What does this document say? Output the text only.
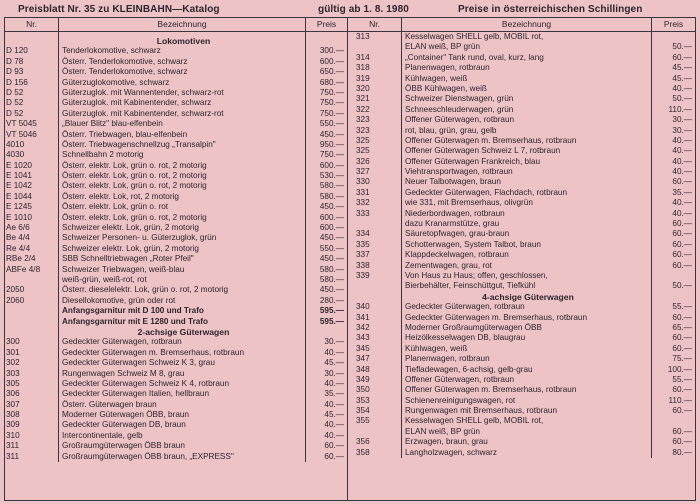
Preisblatt Nr. 35 zu KLEINBAHN—Katalog	gültig ab 1. 8. 1980	Preise in österreichischen Schillingen
Nr.	Bezeichnung	Preis
Lokomotiven
D 120	Tenderlokomotive, schwarz	300.—
D 78	Österr. Tenderlokomotive, schwarz	600.—
D 93	Österr. Tenderlokomotive, schwarz	650.—
D 156	Güterzuglokomotive, schwarz	680.—
D 52	Güterzuglok. mit Wannentender, schwarz-rot	750.—
D 52	Güterzuglok. mit Kabinentender, schwarz	750.—
D 52	Güterzuglok. mit Kabinentender, schwarz-rot	750.—
VT 5045	„Blauer Blitz" blau-elfenbein	550.—
VT 5046	Österr. Triebwagen, blau-elfenbein	450.—
4010	Österr. Triebwagenschnellzug „Transalpin"	950.—
4030	Schnellbahn 2 motorig	750.—
E 1020	Österr. elektr. Lok, grün o. rot, 2 motorig	600.—
E 1041	Österr. elektr. Lok, grün o. rot, 2 motorig	530.—
E 1042	Österr. elektr. Lok, grün o. rot, 2 motorig	580.—
E 1044	Österr. elektr. Lok, rot, 2 motorig	580.—
E 1245	Österr. elektr. Lok, grün o. rot	450.—
E 1010	Österr. elektr. Lok, grün o. rot, 2 motorig	600.—
Ae 6/6	Schweizer elektr. Lok, grün, 2 motorig	600.—
Be 4/4	Schweizer Personen- u. Güterzuglok, grün	450.—
Re 4/4	Schweizer elektr. Lok, grün, 2 motorig	550.—
RBe 2/4	SBB Schnelltriebwagen „Roter Pfeil"	450.—
ABFe 4/8	Schweizer Triebwagen, weiß-blau	580.—
weiß-grün, weiß-rot, rot	580.—
2050	Österr. dieselelektr. Lok, grün o. rot, 2 motorig	450.—
2060	Diesellokomotive, grün oder rot	280.—
Anfangsgarnitur mit D 100 und Trafo	595.—
Anfangsgarnitur mit E 1280 und Trafo	595.—
2-achsige Güterwagen
300	Gedeckter Güterwagen, rotbraun	30.—
301	Gedeckter Güterwagen m. Bremserhaus, rotbraun	40.—
302	Gedeckter Güterwagen Schweiz K 3, grau	45.—
303	Rungenwagen Schweiz M 8, grau	30.—
305	Gedeckter Güterwagen Schweiz K 4, rotbraun	40.—
306	Gedeckter Güterwagen Italien, hellbraun	35.—
307	Österr. Güterwagen braun	40.—
308	Moderner Güterwagen ÖBB, braun	45.—
309	Gedeckter Güterwagen DB, braun	40.—
310	Intercontinentale, gelb	40.—
311	Großraumgüterwagen ÖBB braun	60.—
311	Großraumgüterwagen ÖBB braun, „EXPRESS"	60.—
Nr.	Bezeichnung	Preis
313	Kesselwagen SHELL gelb, MOBIL rot,
ELAN weiß, BP grün	50.—
314	„Container" Tank rund, oval, kurz, lang	60.—
318	Planenwagen, rotbraun	45.—
319	Kühlwagen, weiß	45.—
320	ÖBB Kühlwagen, weiß	40.—
321	Schweizer Dienstwagen, grün	50.—
322	Schneeschleuderwagen, grün	110.—
323	Offener Güterwagen, rotbraun	30.—
323	rot, blau, grün, grau, gelb	30.—
325	Offener Güterwagen m. Bremserhaus, rotbraun	40.—
325	Offener Güterwagen Schweiz L 7, rotbraun	40.—
326	Offener Güterwagen Frankreich, blau	40.—
327	Viehtransportwagen, rotbraun	40.—
330	Neuer Talbotwagen, braun	60.—
331	Gedeckter Güterwagen, Flachdach, rotbraun	35.—
332	wie 331, mit Bremserhaus, olivgrün	40.—
333	Niederbordwagen, rotbraun	40.—
dazu Kranarmstütze, grau	60.—
334	Säuretopfwagen, grau-braun	60.—
335	Schotterwagen, System Talbot, braun	60.—
337	Klappdeckelwagen, rotbraun	60.—
338	Zementwagen, grau, rot	60.—
339	Von Haus zu Haus; offen, geschlossen,
Bierbehälter, Feinschüttgut, Tiefkühl	50.—
4-achsige Güterwagen
340	Gedeckter Güterwagen, rotbraun	55.—
341	Gedeckter Güterwagen m. Bremserhaus, rotbraun	60.—
342	Moderner Großraumgüterwagen ÖBB	65.—
343	Heizölkesselwagen DB, blaugrau	60.—
345	Kühlwagen, weiß	60.—
347	Planenwagen, rotbraun	75.—
348	Tiefladewagen, 6-achsig, gelb-grau	100.—
349	Offener Güterwagen, rotbraun	55.—
350	Offener Güterwagen m. Bremserhaus, rotbraun	60.—
353	Schienenreinigungswagen, rot	110.—
354	Rungenwagen mit Bremserhaus, rotbraun	60.—
355	Kesselwagen SHELL gelb, MOBIL rot,
ELAN weiß, BP grün	60.—
356	Erzwagen, braun, grau	60.—
358	Langholzwagen, schwarz	80.—
